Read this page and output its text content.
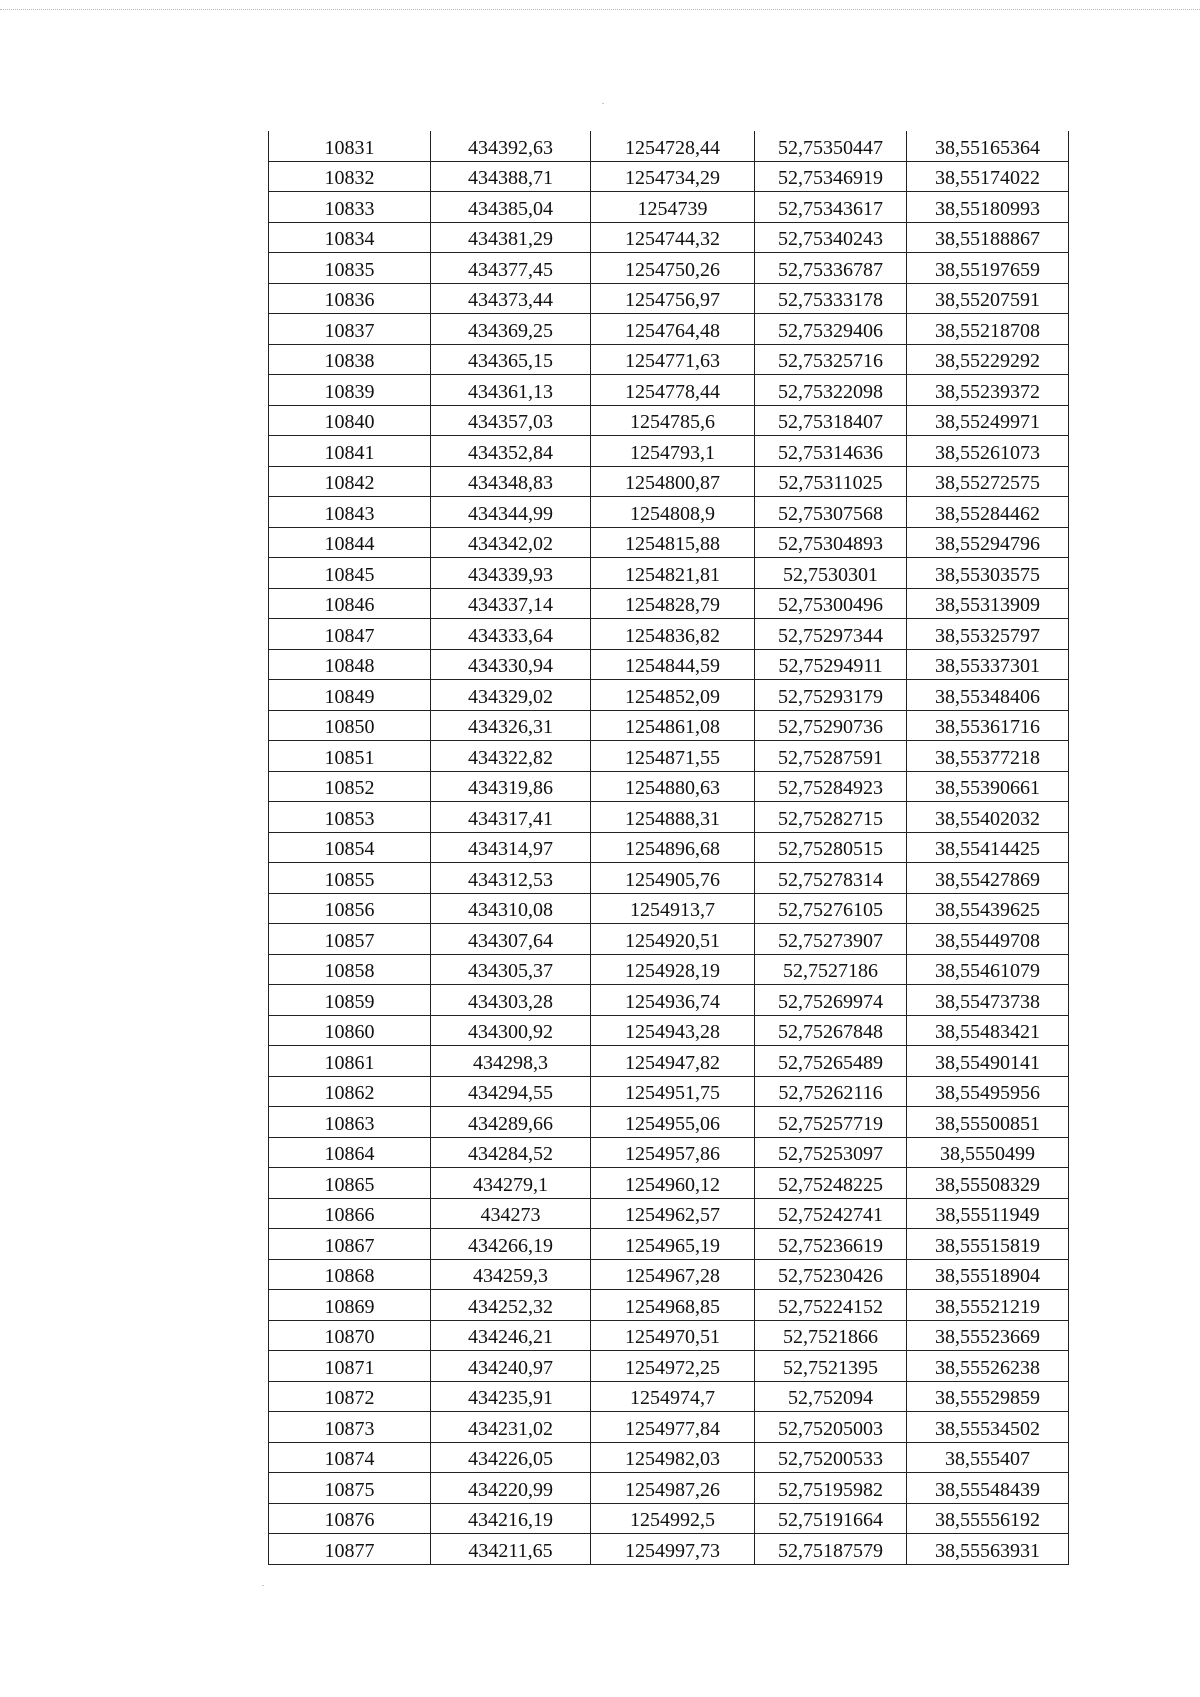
10831	434392,63	1254728,44	52,75350447	38,55165364
10832	434388,71	1254734,29	52,75346919	38,55174022
10833	434385,04	1254739	52,75343617	38,55180993
10834	434381,29	1254744,32	52,75340243	38,55188867
10835	434377,45	1254750,26	52,75336787	38,55197659
10836	434373,44	1254756,97	52,75333178	38,55207591
10837	434369,25	1254764,48	52,75329406	38,55218708
10838	434365,15	1254771,63	52,75325716	38,55229292
10839	434361,13	1254778,44	52,75322098	38,55239372
10840	434357,03	1254785,6	52,75318407	38,55249971
10841	434352,84	1254793,1	52,75314636	38,55261073
10842	434348,83	1254800,87	52,75311025	38,55272575
10843	434344,99	1254808,9	52,75307568	38,55284462
10844	434342,02	1254815,88	52,75304893	38,55294796
10845	434339,93	1254821,81	52,7530301	38,55303575
10846	434337,14	1254828,79	52,75300496	38,55313909
10847	434333,64	1254836,82	52,75297344	38,55325797
10848	434330,94	1254844,59	52,75294911	38,55337301
10849	434329,02	1254852,09	52,75293179	38,55348406
10850	434326,31	1254861,08	52,75290736	38,55361716
10851	434322,82	1254871,55	52,75287591	38,55377218
10852	434319,86	1254880,63	52,75284923	38,55390661
10853	434317,41	1254888,31	52,75282715	38,55402032
10854	434314,97	1254896,68	52,75280515	38,55414425
10855	434312,53	1254905,76	52,75278314	38,55427869
10856	434310,08	1254913,7	52,75276105	38,55439625
10857	434307,64	1254920,51	52,75273907	38,55449708
10858	434305,37	1254928,19	52,7527186	38,55461079
10859	434303,28	1254936,74	52,75269974	38,55473738
10860	434300,92	1254943,28	52,75267848	38,55483421
10861	434298,3	1254947,82	52,75265489	38,55490141
10862	434294,55	1254951,75	52,75262116	38,55495956
10863	434289,66	1254955,06	52,75257719	38,55500851
10864	434284,52	1254957,86	52,75253097	38,5550499
10865	434279,1	1254960,12	52,75248225	38,55508329
10866	434273	1254962,57	52,75242741	38,55511949
10867	434266,19	1254965,19	52,75236619	38,55515819
10868	434259,3	1254967,28	52,75230426	38,55518904
10869	434252,32	1254968,85	52,75224152	38,55521219
10870	434246,21	1254970,51	52,7521866	38,55523669
10871	434240,97	1254972,25	52,7521395	38,55526238
10872	434235,91	1254974,7	52,752094	38,55529859
10873	434231,02	1254977,84	52,75205003	38,55534502
10874	434226,05	1254982,03	52,75200533	38,555407
10875	434220,99	1254987,26	52,75195982	38,55548439
10876	434216,19	1254992,5	52,75191664	38,55556192
10877	434211,65	1254997,73	52,75187579	38,55563931
